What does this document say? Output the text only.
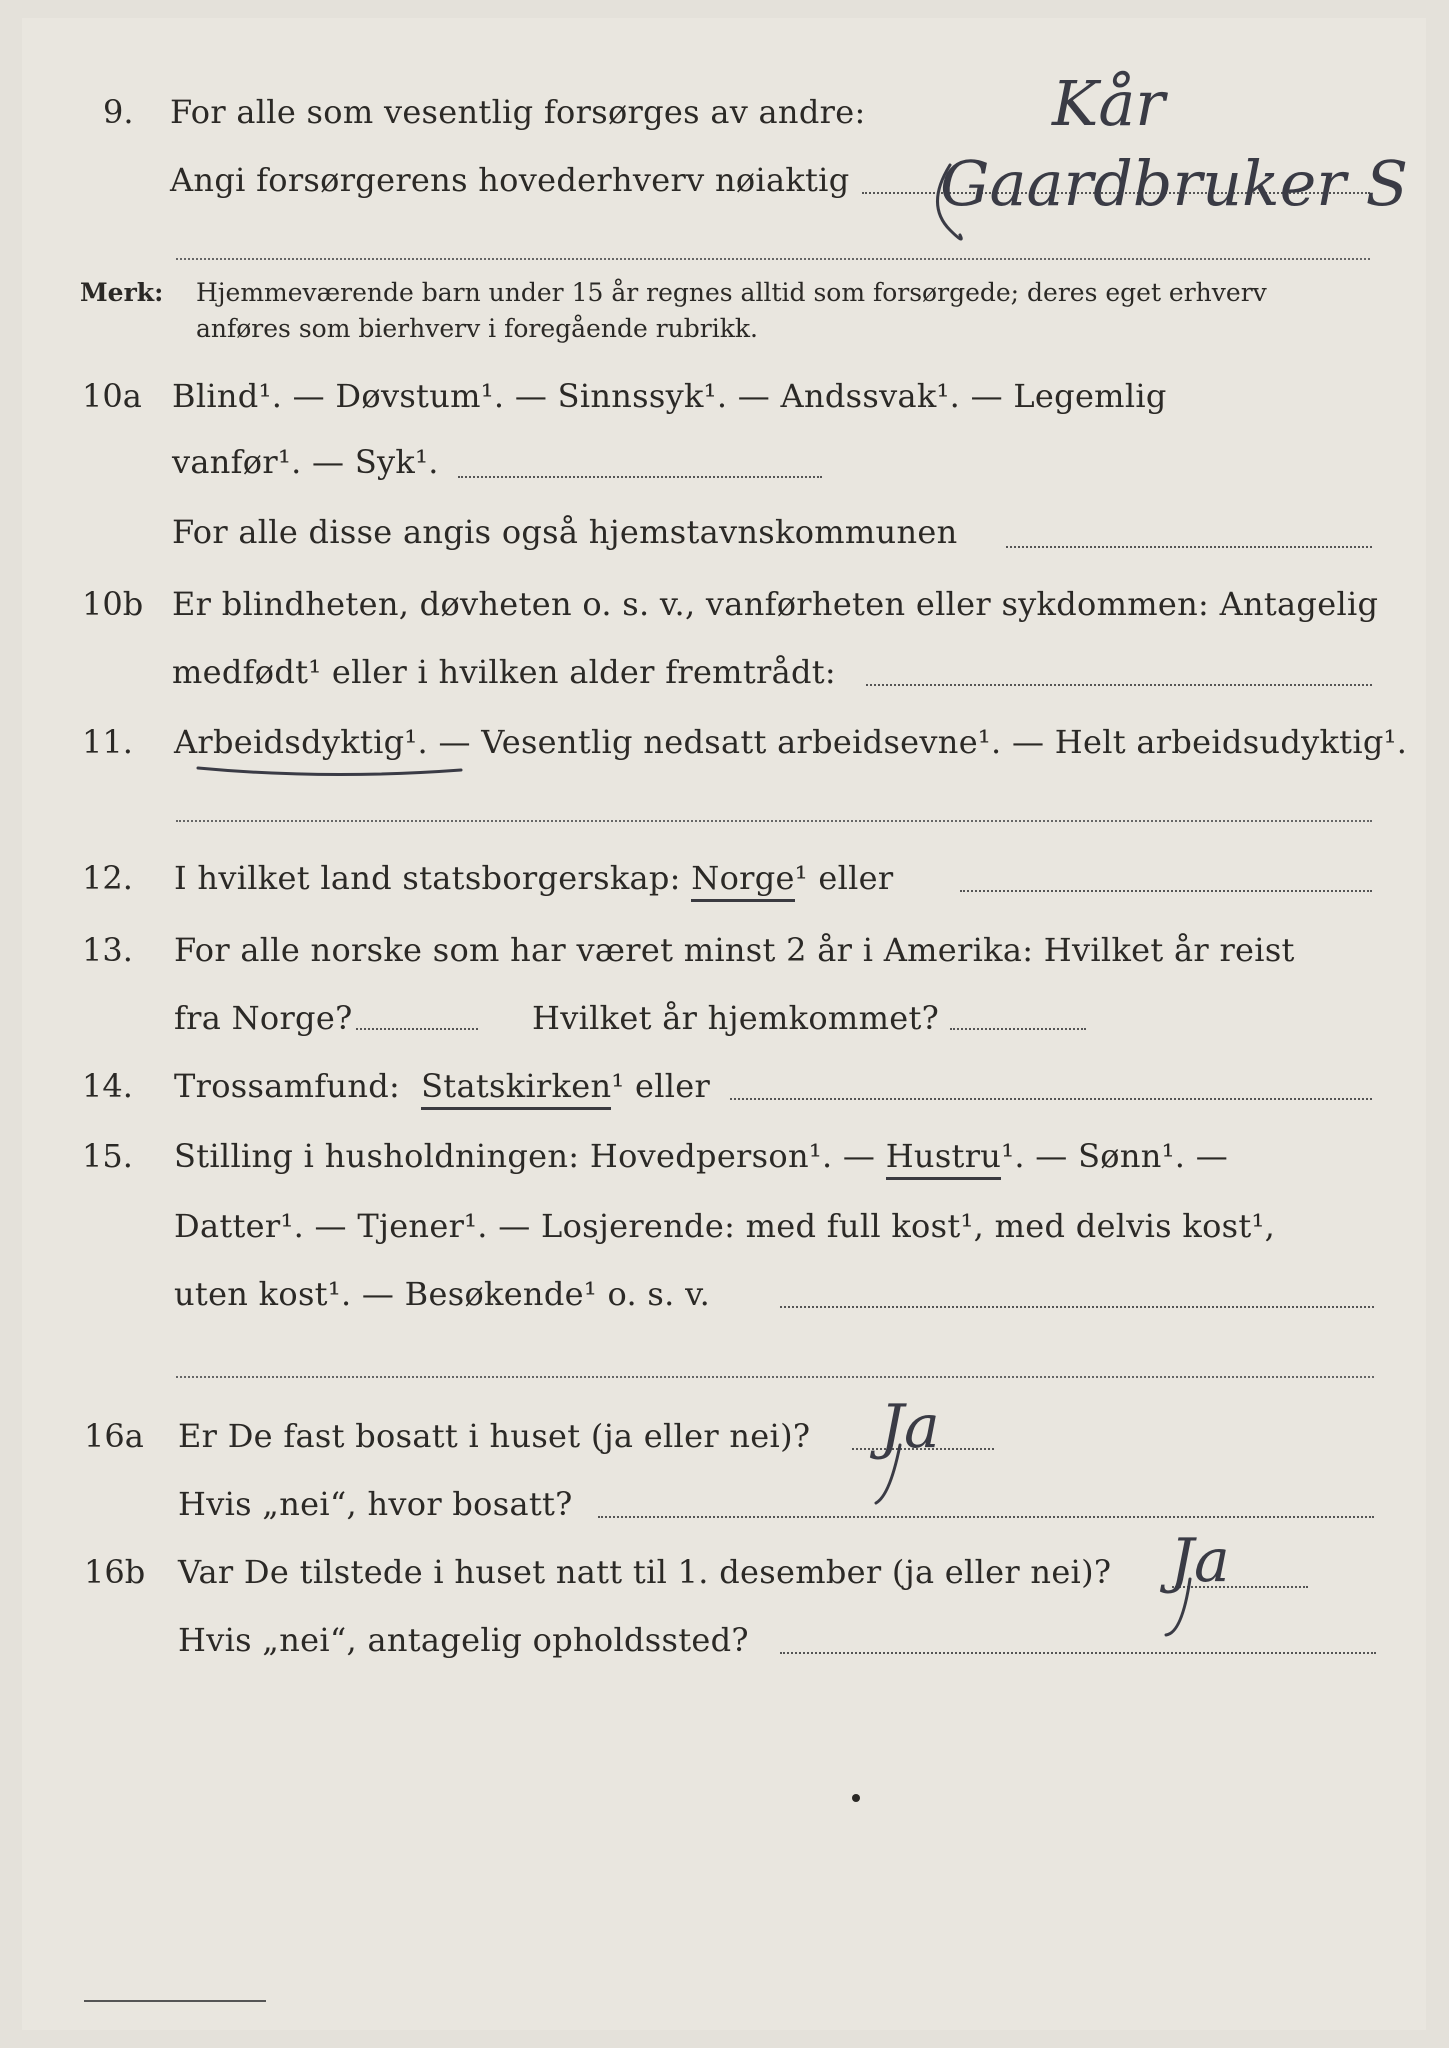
9. For alle som vesentlig forsørges av andre:
Angi forsørgerens hovederhverv nøiaktig
Kår
Gaardbruker S
Merk: Hjemmeværende barn under 15 år regnes alltid som forsørgede; deres eget erhverv
anføres som bierhverv i foregående rubrikk.
10a Blind¹. — Døvstum¹. — Sinnssyk¹. — Andssvak¹. — Legemlig
vanfør¹. — Syk¹.
For alle disse angis også hjemstavnskommunen
10b Er blindheten, døvheten o. s. v., vanførheten eller sykdommen: Antagelig
medfødt¹ eller i hvilken alder fremtrådt:
11. Arbeidsdyktig¹. — Vesentlig nedsatt arbeidsevne¹. — Helt arbeidsudyktig¹.
12. I hvilket land statsborgerskap: Norge¹ eller
13. For alle norske som har været minst 2 år i Amerika: Hvilket år reist
fra Norge?	Hvilket år hjemkommet?
14. Trossamfund: Statskirken¹ eller
15. Stilling i husholdningen: Hovedperson¹. — Hustru¹. — Sønn¹. —
Datter¹. — Tjener¹. — Losjerende: med full kost¹, med delvis kost¹,
uten kost¹. — Besøkende¹ o. s. v.
16a Er De fast bosatt i huset (ja eller nei)? Ja
Hvis „nei“, hvor bosatt?
16b Var De tilstede i huset natt til 1. desember (ja eller nei)? Ja
Hvis „nei“, antagelig opholdssted?
